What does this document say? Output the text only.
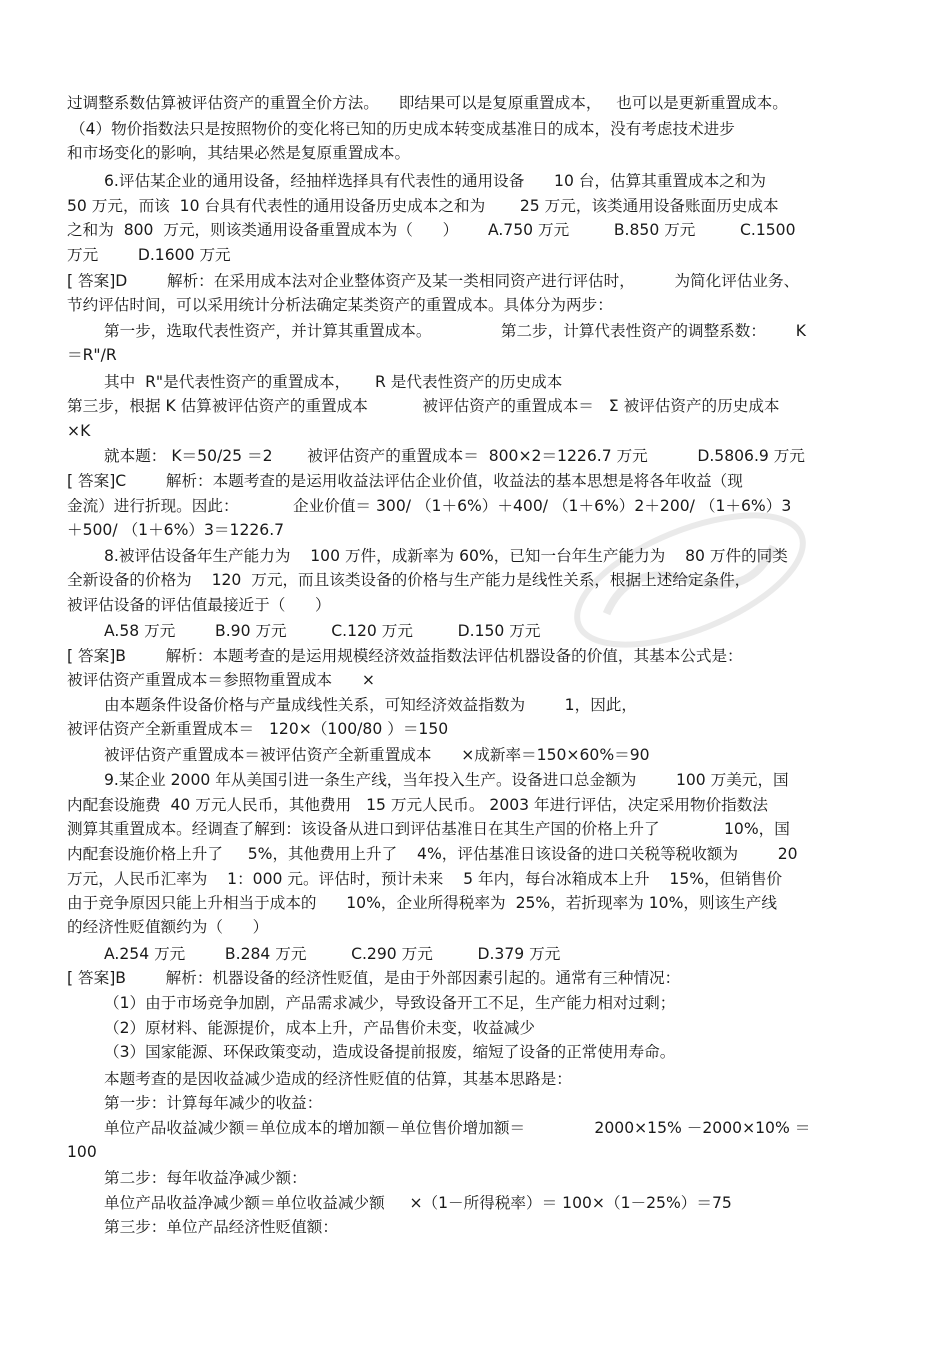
过调整系数估算被评估资产的重置全价方法。    即结果可以是复原重置成本，   也可以是更新重置成本。

（4）物价指数法只是按照物价的变化将已知的历史成本转变成基准日的成本，没有考虑技术进步

和市场变化的影响，其结果必然是复原重置成本。

6.评估某企业的通用设备，经抽样选择具有代表性的通用设备      10 台，估算其重置成本之和为

50 万元，而该  10 台具有代表性的通用设备历史成本之和为       25 万元，该类通用设备账面历史成本

之和为  800  万元，则该类通用设备重置成本为（      ）      A.750 万元         B.850 万元         C.1500

万元        D.1600 万元

[ 答案]D        解析：在采用成本法对企业整体资产及某一类相同资产进行评估时，        为简化评估业务、

节约评估时间，可以采用统计分析法确定某类资产的重置成本。具体分为两步：

第一步，选取代表性资产，并计算其重置成本。              第二步，计算代表性资产的调整系数：      K

＝R"/R

其中  R"是代表性资产的重置成本，     R 是代表性资产的历史成本

第三步，根据 K 估算被评估资产的重置成本           被评估资产的重置成本＝   Σ 被评估资产的历史成本

×K

就本题： K＝50/25 ＝2       被评估资产的重置成本＝  800×2＝1226.7 万元          D.5806.9 万元

[ 答案]C        解析：本题考查的是运用收益法评估企业价值，收益法的基本思想是将各年收益（现

金流）进行折现。因此：           企业价值＝ 300/ （1＋6%）＋400/ （1＋6%）2＋200/ （1＋6%）3

＋500/ （1＋6%）3＝1226.7

8.被评估设备年生产能力为    100 万件，成新率为 60%，已知一台年生产能力为    80 万件的同类

全新设备的价格为    120  万元，而且该类设备的价格与生产能力是线性关系，根据上述给定条件，

被评估设备的评估值最接近于（      ）

A.58 万元        B.90 万元         C.120 万元         D.150 万元

[ 答案]B        解析：本题考查的是运用规模经济效益指数法评估机器设备的价值，其基本公式是：

被评估资产重置成本＝参照物重置成本      ×

由本题条件设备价格与产量成线性关系，可知经济效益指数为        1，因此，

被评估资产全新重置成本＝   120×（100/80 ）＝150

被评估资产重置成本＝被评估资产全新重置成本      ×成新率＝150×60%＝90

9.某企业 2000 年从美国引进一条生产线，当年投入生产。设备进口总金额为        100 万美元，国

内配套设施费  40 万元人民币，其他费用   15 万元人民币。 2003 年进行评估，决定采用物价指数法

测算其重置成本。经调查了解到：该设备从进口到评估基准日在其生产国的价格上升了             10%，国

内配套设施价格上升了     5%，其他费用上升了    4%，评估基准日该设备的进口关税等税收额为        20

万元，人民币汇率为    1：000 元。评估时，预计未来    5 年内，每台冰箱成本上升    15%，但销售价

由于竞争原因只能上升相当于成本的      10%，企业所得税率为  25%，若折现率为 10%，则该生产线

的经济性贬值额约为（      ）

A.254 万元        B.284 万元         C.290 万元         D.379 万元

[ 答案]B        解析：机器设备的经济性贬值，是由于外部因素引起的。通常有三种情况：

（1）由于市场竞争加剧，产品需求减少，导致设备开工不足，生产能力相对过剩；

（2）原材料、能源提价，成本上升，产品售价未变，收益减少

（3）国家能源、环保政策变动，造成设备提前报废，缩短了设备的正常使用寿命。

本题考查的是因收益减少造成的经济性贬值的估算，其基本思路是：

第一步：计算每年减少的收益：

单位产品收益减少额＝单位成本的增加额－单位售价增加额＝              2000×15% －2000×10% ＝

100

第二步：每年收益净减少额：

单位产品收益净减少额＝单位收益减少额     ×（1－所得税率）＝ 100×（1－25%）＝75

第三步：单位产品经济性贬值额：
